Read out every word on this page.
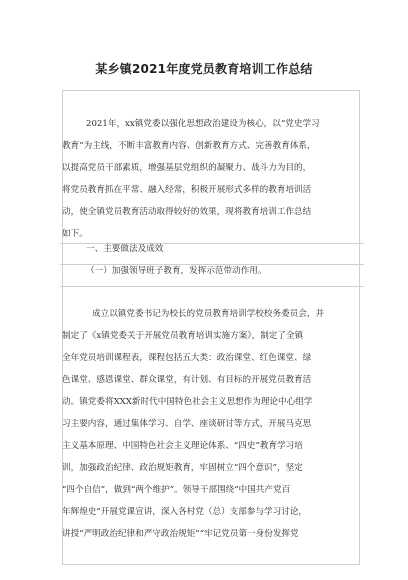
某乡镇2021年度党员教育培训工作总结
2021年，xx镇党委以强化思想政治建设为核心，以“党史学习
教育”为主线，不断丰富教育内容、创新教育方式、完善教育体系，
以提高党员干部素质，增强基层党组织的凝聚力、战斗力为目的，
将党员教育抓在平常、融入经常，积极开展形式多样的教育培训活
动，使全镇党员教育活动取得较好的效果，现将教育培训工作总结
如下。
一、主要做法及成效
（一）加强领导班子教育，发挥示范带动作用。
成立以镇党委书记为校长的党员教育培训学校校务委员会，并
制定了《x镇党委关于开展党员教育培训实施方案》，制定了全镇
全年党员培训课程表，课程包括五大类：政治课堂、红色课堂、绿
色课堂、感恩课堂、群众课堂，有计划、有目标的开展党员教育活
动。镇党委将XXX新时代中国特色社会主义思想作为理论中心组学
习主要内容，通过集体学习、自学、座谈研讨等方式，开展马克思
主义基本原理、中国特色社会主义理论体系、“四史”教育学习培
训，加强政治纪律、政治规矩教育，牢固树立“四个意识”，坚定
“四个自信”，做到“两个维护”。领导干部围绕“中国共产党百
年辉煌史”开展党课宣讲，深入各村党（总）支部参与学习讨论，
讲授“严明政治纪律和严守政治规矩”“牢记党员第一身份发挥党
